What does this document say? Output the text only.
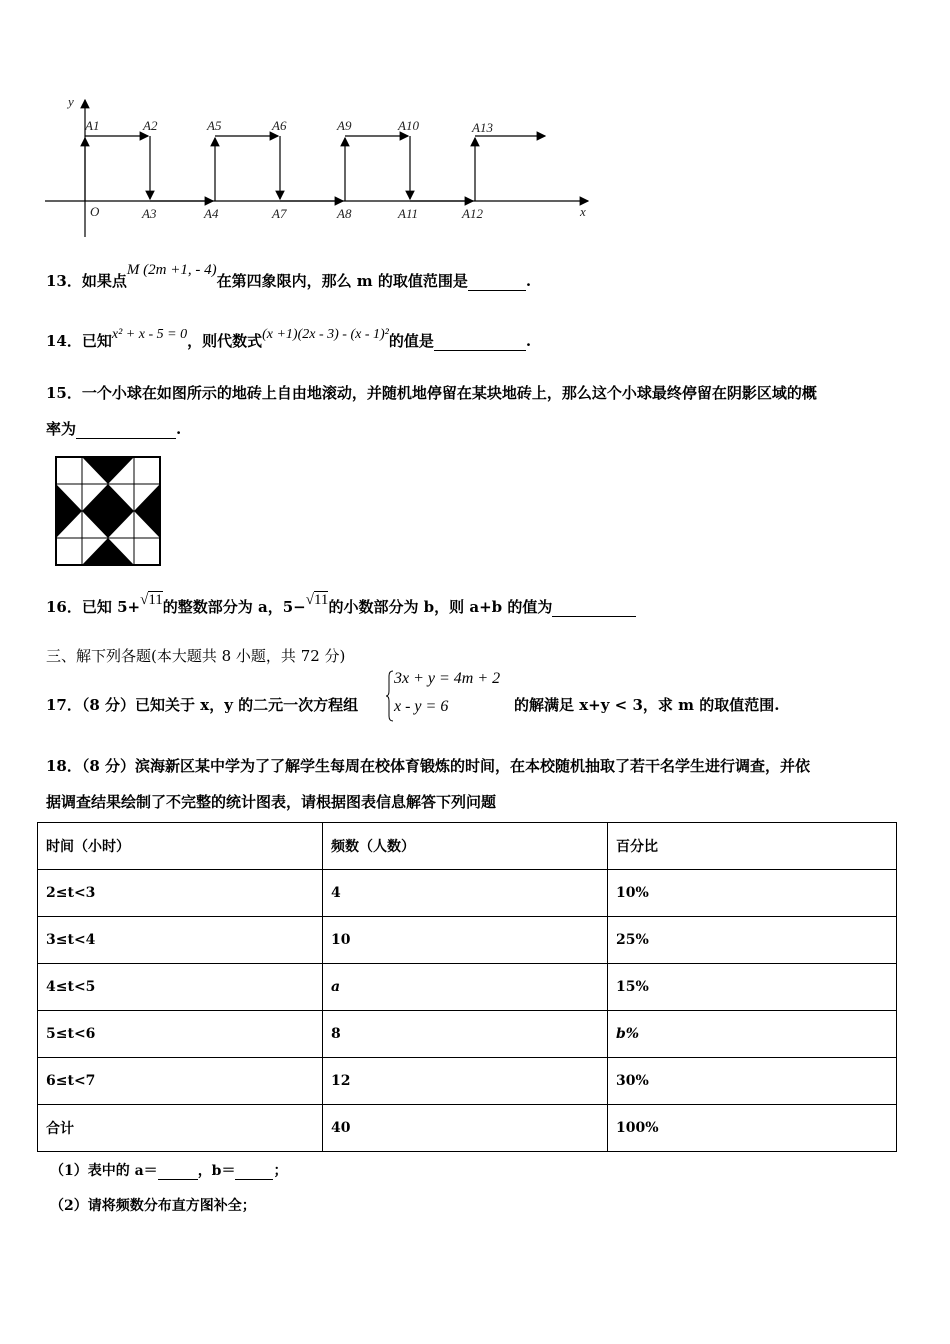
y
x
A1	A2	A5	A6	A9	A10	A13
O	A3	A4	A7	A8	A11	A12
13．如果点M (2m +1, - 4)在第四象限内，那么 m 的取值范围是	.
14．已知x² + x - 5 = 0，则代数式(x +1)(2x - 3) - (x - 1)²的值是	.
15．一个小球在如图所示的地砖上自由地滚动，并随机地停留在某块地砖上，那么这个小球最终停留在阴影区域的概
率为	.
16．已知 5+√11的整数部分为 a，5−√11的小数部分为 b，则 a+b 的值为
三、解下列各题(本大题共 8 小题，共 72 分)
17．（8 分）已知关于 x，y 的二元一次方程组
3x + y = 4m + 2
x - y = 6	的解满足 x+y < 3，求 m 的取值范围.
18．（8 分）滨海新区某中学为了了解学生每周在校体育锻炼的时间，在本校随机抽取了若干名学生进行调查，并依
据调查结果绘制了不完整的统计图表，请根据图表信息解答下列问题
时间（小时）	频数（人数）	百分比
2≤t<3	4	10%
3≤t<4	10	25%
4≤t<5	a	15%
5≤t<6	8	b%
6≤t<7	12	30%
合计	40	100%
（1）表中的 a＝	，b＝	；
（2）请将频数分布直方图补全；
